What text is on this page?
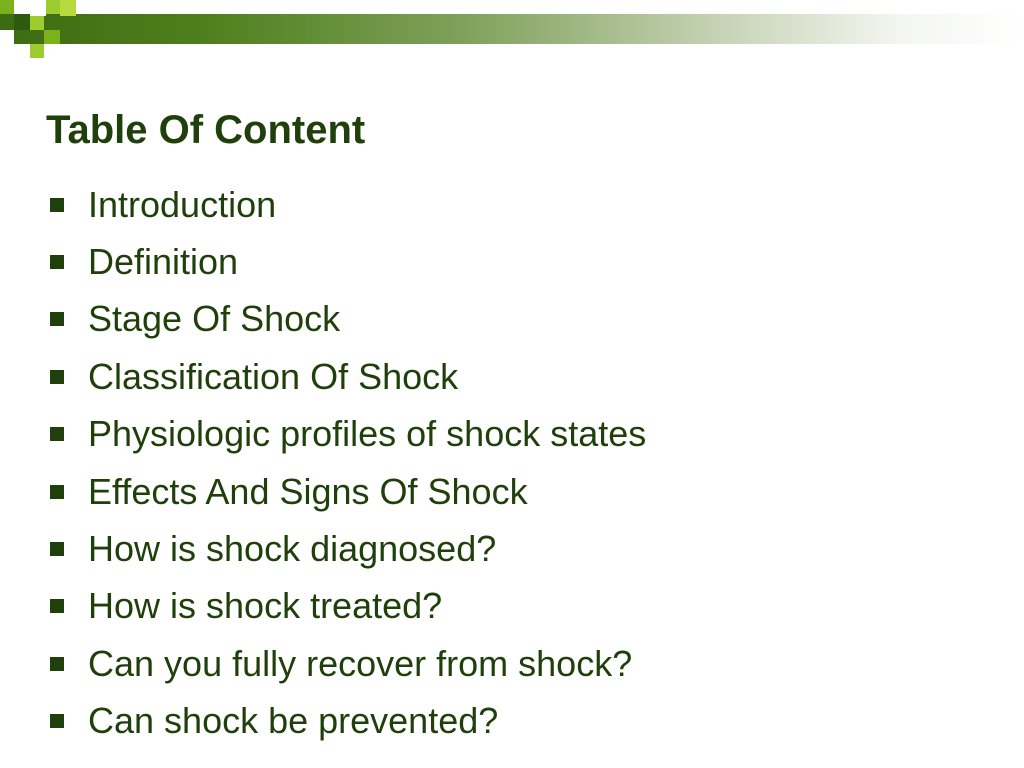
Table Of Content
Introduction
Definition
Stage Of Shock
Classification Of Shock
Physiologic profiles of shock states
Effects And Signs Of Shock
How is shock diagnosed?
How is shock treated?
Can you fully recover from shock?
Can shock be prevented?
